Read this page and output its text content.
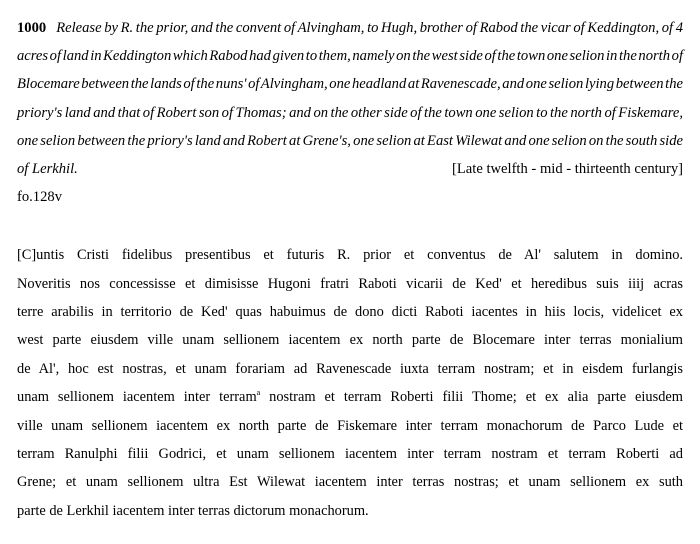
1000 Release by R. the prior, and the convent of Alvingham, to Hugh, brother of Rabod the vicar of Keddington, of 4
acres of land in Keddington which Rabod had given to them, namely on the west side of the town one selion in the north of
Blocemare between the lands of the nuns' of Alvingham, one headland at Ravenescade, and one selion lying between the
priory's land and that of Robert son of Thomas; and on the other side of the town one selion to the north of Fiskemare,
one selion between the priory's land and Robert at Grene's, one selion at East Wilewat and one selion on the south side
of Lerkhil.	[Late twelfth - mid - thirteenth century]

fo.128v

[C]untis Cristi fidelibus presentibus et futuris R. prior et conventus de Al' salutem in domino.
Noveritis nos concessisse et dimisisse Hugoni fratri Raboti vicarii de Ked' et heredibus suis iiij acras
terre arabilis in territorio de Ked' quas habuimus de dono dicti Raboti iacentes in hiis locis, videlicet ex
west parte eiusdem ville unam sellionem iacentem ex north parte de Blocemare inter terras monialium
de Al', hoc est nostras, et unam forariam ad Ravenescade iuxta terram nostram; et in eisdem furlangis
unam sellionem iacentem inter terram$^a$ nostram et terram Roberti filii Thome; et ex alia parte eiusdem
ville unam sellionem iacentem ex north parte de Fiskemare inter terram monachorum de Parco Lude et
terram Ranulphi filii Godrici, et unam sellionem iacentem inter terram nostram et terram Roberti ad
Grene; et unam sellionem ultra Est Wilewat iacentem inter terras nostras; et unam sellionem ex suth
parte de Lerkhil iacentem inter terras dictorum monachorum.
